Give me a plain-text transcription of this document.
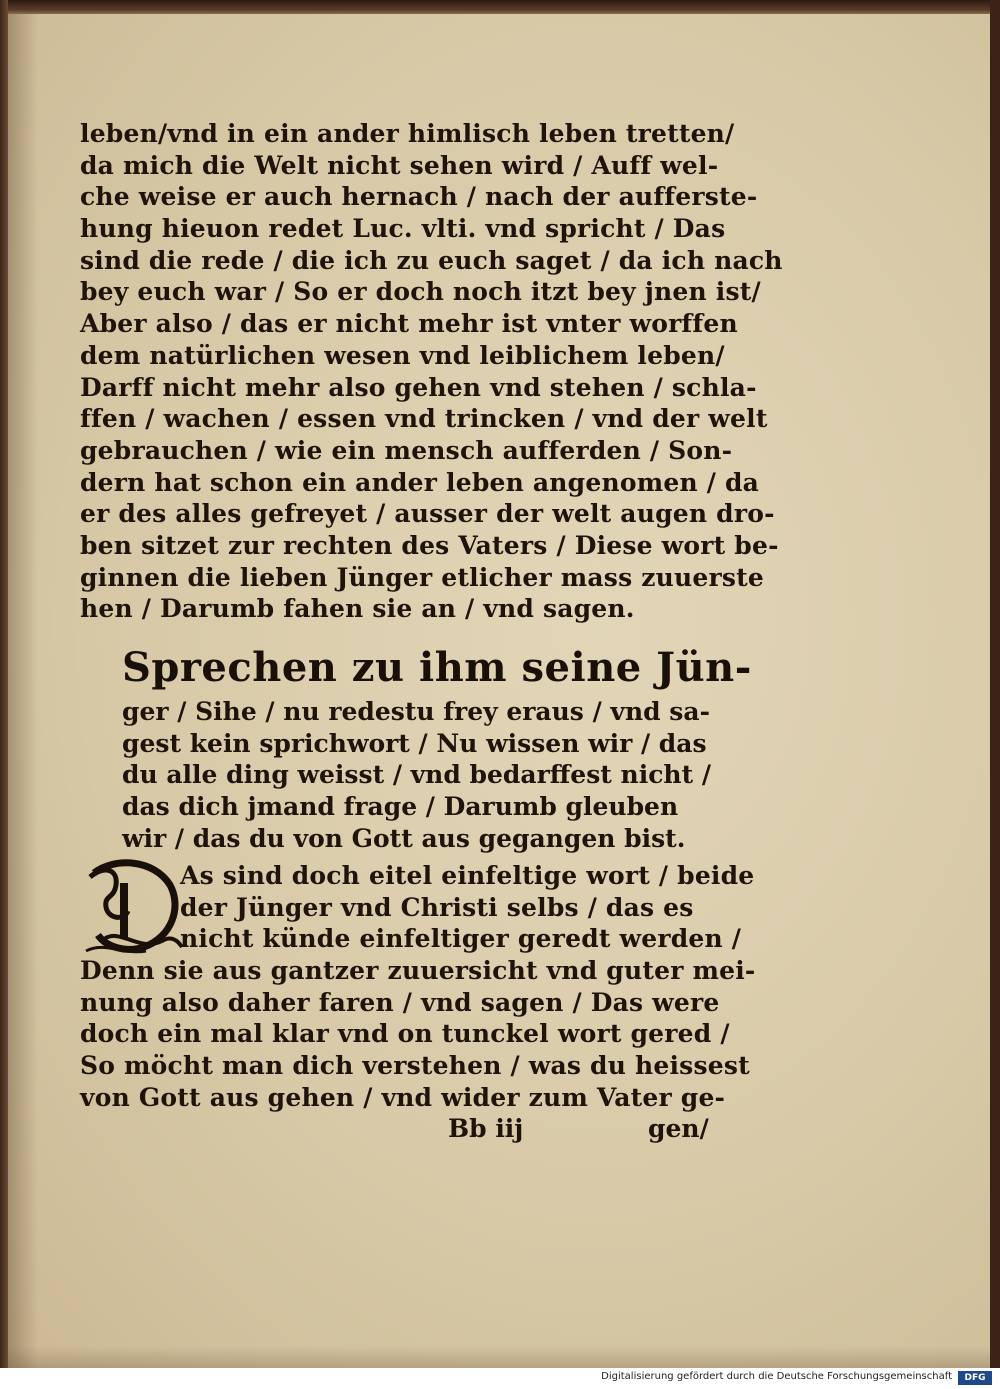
leben/vnd in ein ander himlisch leben tretten/
da mich die Welt nicht sehen wird / Auff wel-
che weise er auch hernach / nach der aufferste-
hung hieuon redet Luc. vlti. vnd spricht / Das
sind die rede / die ich zu euch saget / da ich nach
bey euch war / So er doch noch itzt bey jnen ist/
Aber also / das er nicht mehr ist vnter worffen
dem natürlichen wesen vnd leiblichem leben/
Darff nicht mehr also gehen vnd stehen / schla-
ffen / wachen / essen vnd trincken / vnd der welt
gebrauchen / wie ein mensch aufferden / Son-
dern hat schon ein ander leben angenomen / da
er des alles gefreyet / ausser der welt augen dro-
ben sitzet zur rechten des Vaters / Diese wort be-
ginnen die lieben Jünger etlicher mass zuuerste
hen / Darumb fahen sie an / vnd sagen.
Sprechen zu ihm seine Jün-
ger / Sihe / nu redestu frey eraus / vnd sa-
gest kein sprichwort / Nu wissen wir / das
du alle ding weisst / vnd bedarffest nicht /
das dich jmand frage / Darumb gleuben
wir / das du von Gott aus gegangen bist.
As sind doch eitel einfeltige wort / beide
der Jünger vnd Christi selbs / das es
nicht künde einfeltiger geredt werden /
Denn sie aus gantzer zuuersicht vnd guter mei-
nung also daher faren / vnd sagen / Das were
doch ein mal klar vnd on tunckel wort gered /
So möcht man dich verstehen / was du heissest
von Gott aus gehen / vnd wider zum Vater ge-
Bb iij	gen/
Digitalisierung gefördert durch die Deutsche Forschungsgemeinschaft	DFG
